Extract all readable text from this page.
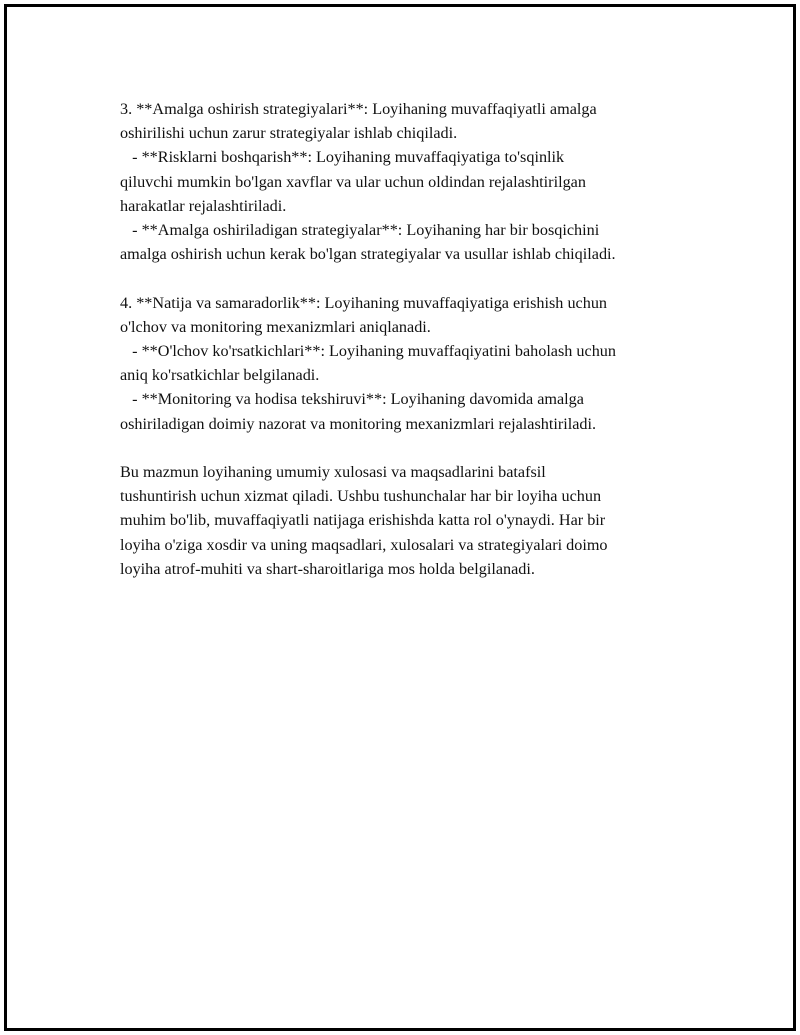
3. **Amalga oshirish strategiyalari**: Loyihaning muvaffaqiyatli amalga
oshirilishi uchun zarur strategiyalar ishlab chiqiladi.
- **Risklarni boshqarish**: Loyihaning muvaffaqiyatiga to'sqinlik
qiluvchi mumkin bo'lgan xavflar va ular uchun oldindan rejalashtirilgan
harakatlar rejalashtiriladi.
- **Amalga oshiriladigan strategiyalar**: Loyihaning har bir bosqichini
amalga oshirish uchun kerak bo'lgan strategiyalar va usullar ishlab chiqiladi.
4. **Natija va samaradorlik**: Loyihaning muvaffaqiyatiga erishish uchun
o'lchov va monitoring mexanizmlari aniqlanadi.
- **O'lchov ko'rsatkichlari**: Loyihaning muvaffaqiyatini baholash uchun
aniq ko'rsatkichlar belgilanadi.
- **Monitoring va hodisa tekshiruvi**: Loyihaning davomida amalga
oshiriladigan doimiy nazorat va monitoring mexanizmlari rejalashtiriladi.
Bu mazmun loyihaning umumiy xulosasi va maqsadlarini batafsil
tushuntirish uchun xizmat qiladi. Ushbu tushunchalar har bir loyiha uchun
muhim bo'lib, muvaffaqiyatli natijaga erishishda katta rol o'ynaydi. Har bir
loyiha o'ziga xosdir va uning maqsadlari, xulosalari va strategiyalari doimo
loyiha atrof-muhiti va shart-sharoitlariga mos holda belgilanadi.
